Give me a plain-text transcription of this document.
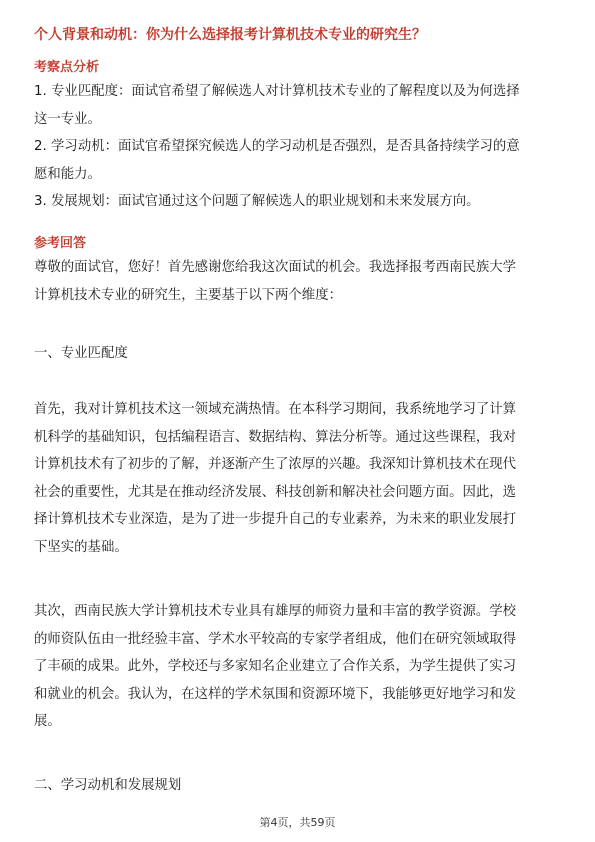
个人背景和动机：你为什么选择报考计算机技术专业的研究生？
考察点分析
1. 专业匹配度：面试官希望了解候选人对计算机技术专业的了解程度以及为何选择
这一专业。
2. 学习动机：面试官希望探究候选人的学习动机是否强烈，是否具备持续学习的意
愿和能力。
3. 发展规划：面试官通过这个问题了解候选人的职业规划和未来发展方向。
参考回答
尊敬的面试官，您好！首先感谢您给我这次面试的机会。我选择报考西南民族大学
计算机技术专业的研究生，主要基于以下两个维度：
一、专业匹配度
首先，我对计算机技术这一领域充满热情。在本科学习期间，我系统地学习了计算
机科学的基础知识，包括编程语言、数据结构、算法分析等。通过这些课程，我对
计算机技术有了初步的了解，并逐渐产生了浓厚的兴趣。我深知计算机技术在现代
社会的重要性，尤其是在推动经济发展、科技创新和解决社会问题方面。因此，选
择计算机技术专业深造，是为了进一步提升自己的专业素养，为未来的职业发展打
下坚实的基础。
其次，西南民族大学计算机技术专业具有雄厚的师资力量和丰富的教学资源。学校
的师资队伍由一批经验丰富、学术水平较高的专家学者组成，他们在研究领域取得
了丰硕的成果。此外，学校还与多家知名企业建立了合作关系，为学生提供了实习
和就业的机会。我认为，在这样的学术氛围和资源环境下，我能够更好地学习和发
展。
二、学习动机和发展规划
第4页，共59页
